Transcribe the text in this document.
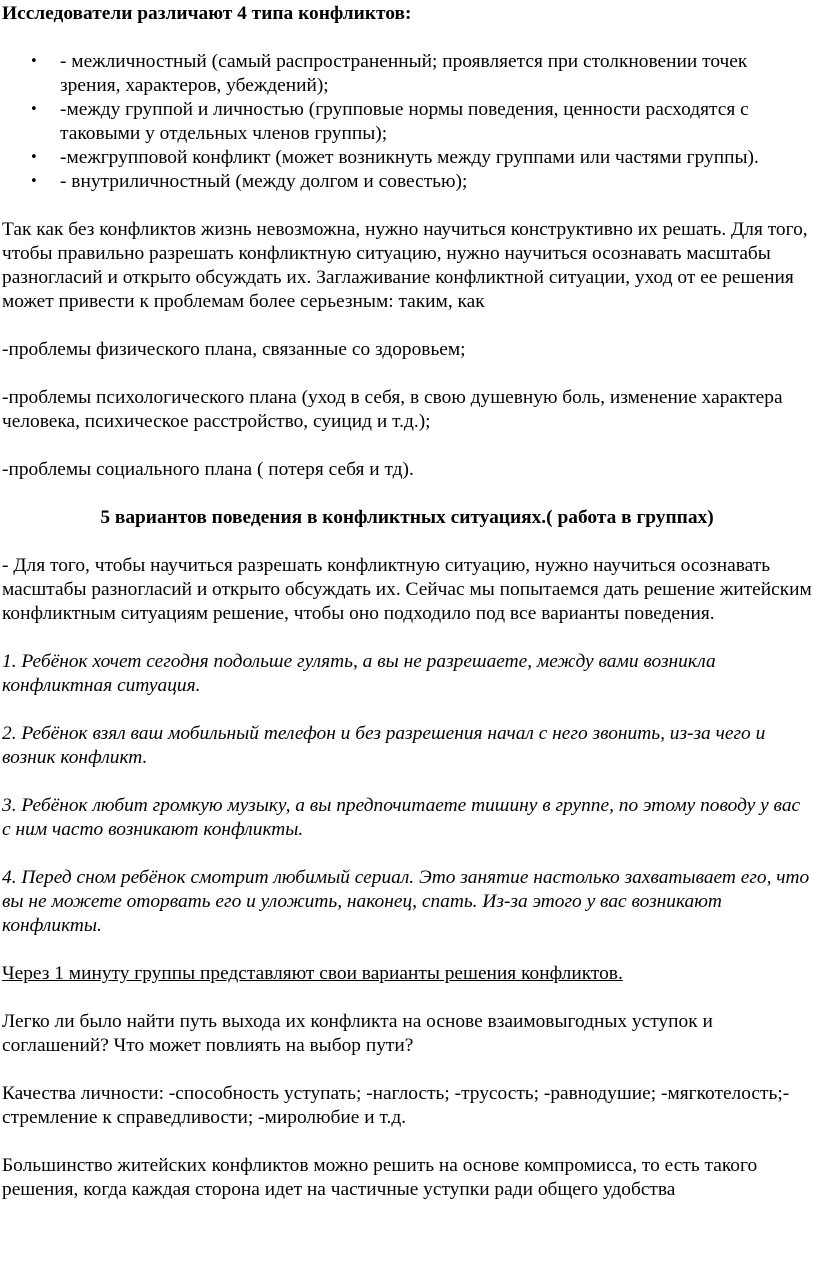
Исследователи различают 4 типа конфликтов:

• - межличностный (самый распространенный; проявляется при столкновении точек зрения, характеров, убеждений);
• -между группой и личностью (групповые нормы поведения, ценности расходятся с таковыми у отдельных членов группы);
• -межгрупповой конфликт (может возникнуть между группами или частями группы).
• - внутриличностный (между долгом и совестью);

Так как без конфликтов жизнь невозможна, нужно научиться конструктивно их решать. Для того, чтобы правильно разрешать конфликтную ситуацию, нужно научиться осознавать масштабы разногласий и открыто обсуждать их. Заглаживание конфликтной ситуации, уход от ее решения может привести к проблемам более серьезным: таким, как

-проблемы физического плана, связанные со здоровьем;

-проблемы психологического плана (уход в себя, в свою душевную боль, изменение характера человека, психическое расстройство, суицид и т.д.);

-проблемы социального плана ( потеря себя и тд).

5 вариантов поведения в конфликтных ситуациях.( работа в группах)

- Для того, чтобы научиться разрешать конфликтную ситуацию, нужно научиться осознавать масштабы разногласий и открыто обсуждать их. Сейчас мы попытаемся дать решение житейским конфликтным ситуациям решение, чтобы оно подходило под все варианты поведения.

1. Ребёнок хочет сегодня подольше гулять, а вы не разрешаете, между вами возникла конфликтная ситуация.

2. Ребёнок взял ваш мобильный телефон и без разрешения начал с него звонить, из-за чего и возник конфликт.

3. Ребёнок любит громкую музыку, а вы предпочитаете тишину в группе, по этому поводу у вас с ним часто возникают конфликты.

4. Перед сном ребёнок смотрит любимый сериал. Это занятие настолько захватывает его, что вы не можете оторвать его и уложить, наконец, спать. Из-за этого у вас возникают конфликты.

Через 1 минуту группы представляют свои варианты решения конфликтов.

Легко ли было найти путь выхода их конфликта на основе взаимовыгодных уступок и соглашений? Что может повлиять на выбор пути?

Качества личности: -способность уступать; -наглость; -трусость; -равнодушие; -мягкотелость;-стремление к справедливости; -миролюбие и т.д.

Большинство житейских конфликтов можно решить на основе компромисса, то есть такого решения, когда каждая сторона идет на частичные уступки ради общего удобства
